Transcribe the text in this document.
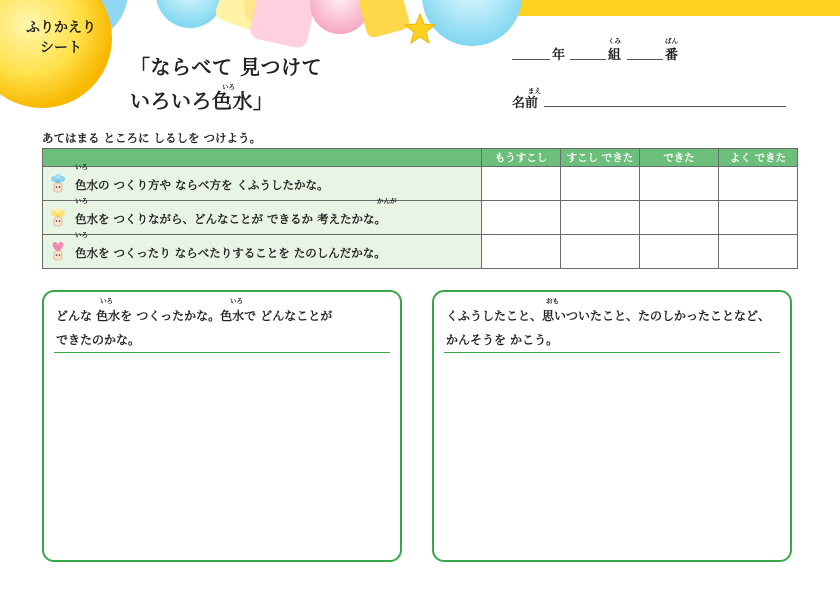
ふりかえり
シート
「ならべて 見つけて
いろいろ色水」
いろ
年
くみ
組
ばん
番
まえ
名前
あてはまる ところに しるしを つけよう。
	もうすこし	すこし できた	できた	よく できた

いろ
色水の つくり方や ならべ方を くふうしたかな。				

いろ かんが
色水を つくりながら、どんなことが できるか 考えたかな。				

いろ
色水を つくったり ならべたりすることを たのしんだかな。				

いろ	いろ
どんな 色水を つくったかな。色水で どんなことが
できたのかな。
おも
くふうしたこと、思いついたこと、たのしかったことなど、
かんそうを かこう。
